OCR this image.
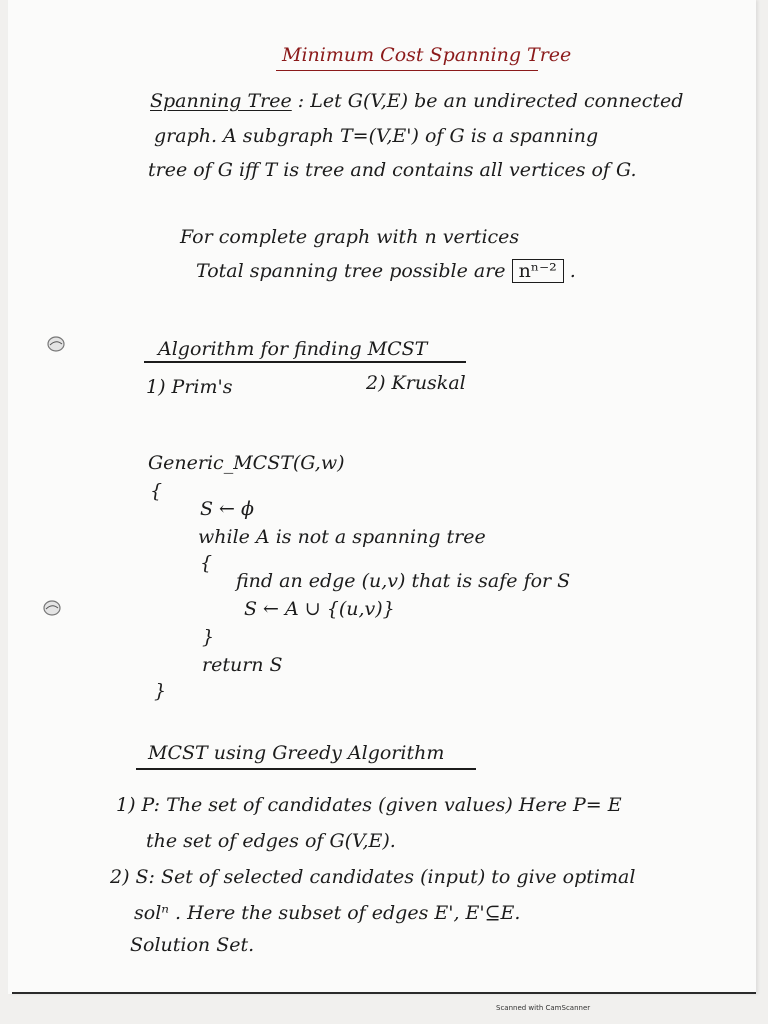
Minimum Cost Spanning Tree
Spanning Tree : Let G(V,E) be an undirected connected
graph. A subgraph T=(V,E') of G is a spanning
tree of G iff T is tree and contains all vertices of G.
For complete graph with n vertices
Total spanning tree possible are nⁿ⁻² .
Algorithm for finding MCST
1) Prim's	2) Kruskal
Generic_MCST(G,w)
{
S ← ϕ
while A is not a spanning tree
{
find an edge (u,v) that is safe for S
S ← A ∪ {(u,v)}
}
return S
}
MCST using Greedy Algorithm
1) P: The set of candidates (given values) Here P= E
the set of edges of G(V,E).
2) S: Set of selected candidates (input) to give optimal
solⁿ . Here the subset of edges E', E'⊆E.
Solution Set.
Scanned with CamScanner
